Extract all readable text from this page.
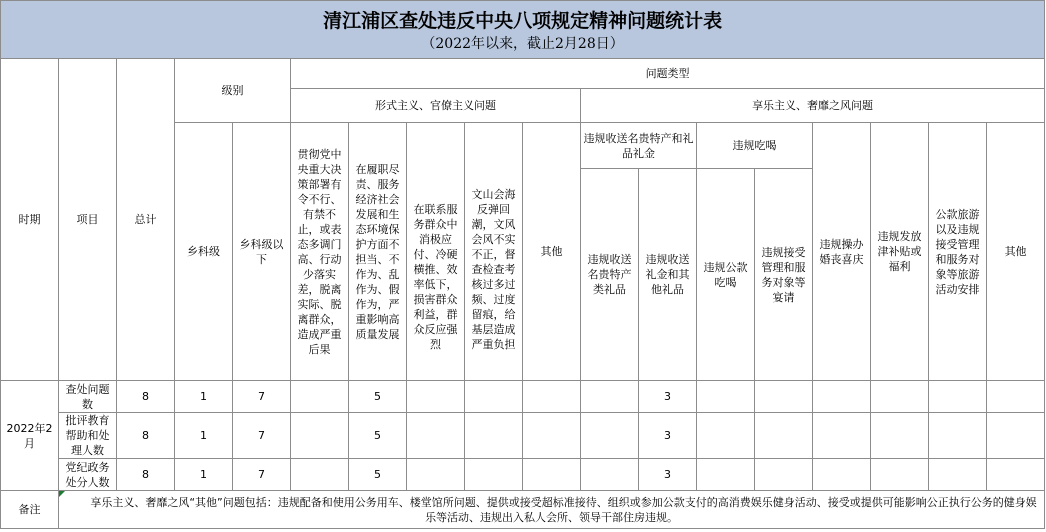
清江浦区查处违反中央八项规定精神问题统计表
（2022年以来，截止2月28日）																	

时期	项目	总计	级别		问题类型												
					形式主义、官僚主义问题					享乐主义、奢靡之风问题							
			乡科级	乡科级以下	贯彻党中央重大决策部署有令不行、有禁不止，或表态多调门高、行动少落实差，脱离实际、脱离群众，造成严重后果	在履职尽责、服务经济社会发展和生态环境保护方面不担当、不作为、乱作为、假作为，严重影响高质量发展	在联系服务群众中消极应付、冷硬横推、效率低下，损害群众利益，群众反应强烈	文山会海反弹回潮，文风会风不实不正，督查检查考核过多过频、过度留痕，给基层造成严重负担	其他	违规收送名贵特产和礼品礼金		违规吃喝		违规操办婚丧喜庆	违规发放津补贴或福利	公款旅游以及违规接受管理和服务对象等旅游活动安排	其他
										违规收送名贵特产类礼品	违规收送礼金和其他礼品	违规公款吃喝	违规接受管理和服务对象等宴请				
2022年2月	查处问题数	8	1	7		5					3						
	批评教育帮助和处理人数	8	1	7		5					3						
	党纪政务处分人数	8	1	7		5					3						
备注	享乐主义、奢靡之风“其他”问题包括：违规配备和使用公务用车、楼堂馆所问题、提供或接受超标准接待、组织或参加公款支付的高消费娱乐健身活动、接受或提供可能影响公正执行公务的健身娱乐等活动、违规出入私人会所、领导干部住房违规。																
